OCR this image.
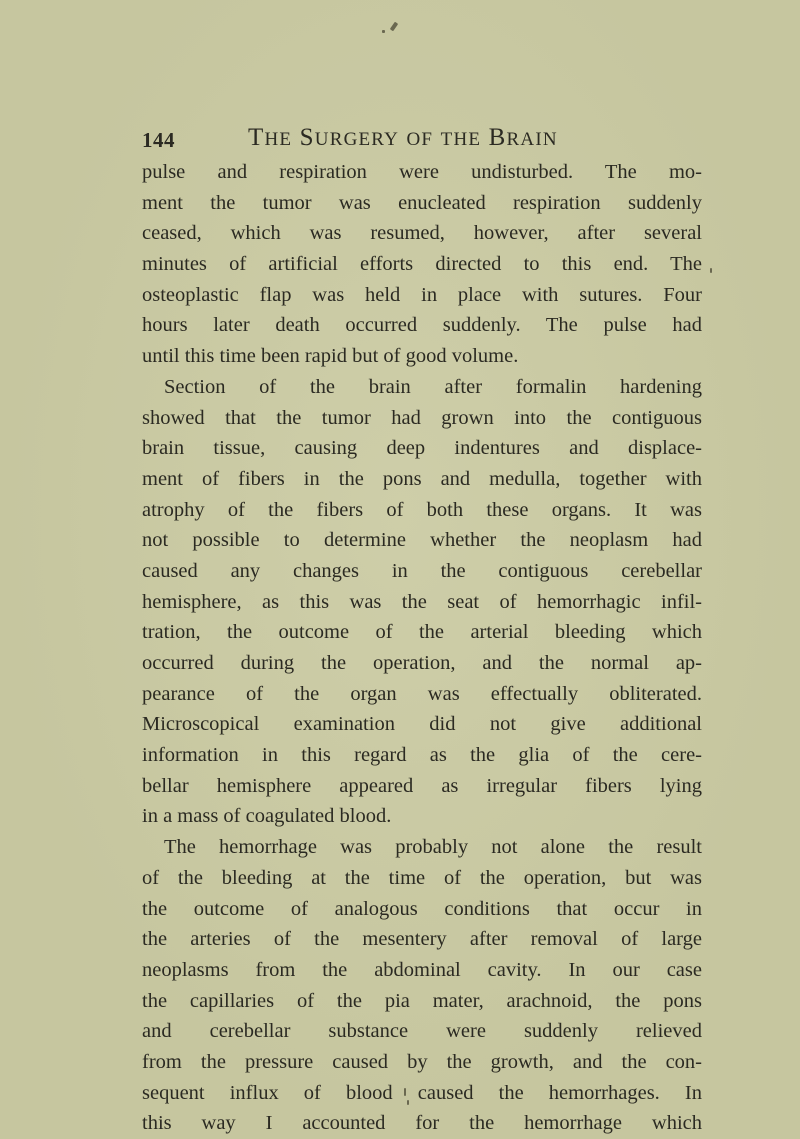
144	THE SURGERY OF THE BRAIN
pulse and respiration were undisturbed. The mo-
ment the tumor was enucleated respiration suddenly
ceased, which was resumed, however, after several
minutes of artificial efforts directed to this end. The
osteoplastic flap was held in place with sutures. Four
hours later death occurred suddenly. The pulse had
until this time been rapid but of good volume.
Section of the brain after formalin hardening
showed that the tumor had grown into the contiguous
brain tissue, causing deep indentures and displace-
ment of fibers in the pons and medulla, together with
atrophy of the fibers of both these organs. It was
not possible to determine whether the neoplasm had
caused any changes in the contiguous cerebellar
hemisphere, as this was the seat of hemorrhagic infil-
tration, the outcome of the arterial bleeding which
occurred during the operation, and the normal ap-
pearance of the organ was effectually obliterated.
Microscopical examination did not give additional
information in this regard as the glia of the cere-
bellar hemisphere appeared as irregular fibers lying
in a mass of coagulated blood.
The hemorrhage was probably not alone the result
of the bleeding at the time of the operation, but was
the outcome of analogous conditions that occur in
the arteries of the mesentery after removal of large
neoplasms from the abdominal cavity. In our case
the capillaries of the pia mater, arachnoid, the pons
and cerebellar substance were suddenly relieved
from the pressure caused by the growth, and the con-
sequent influx of blood caused the hemorrhages. In
this way I accounted for the hemorrhage which
